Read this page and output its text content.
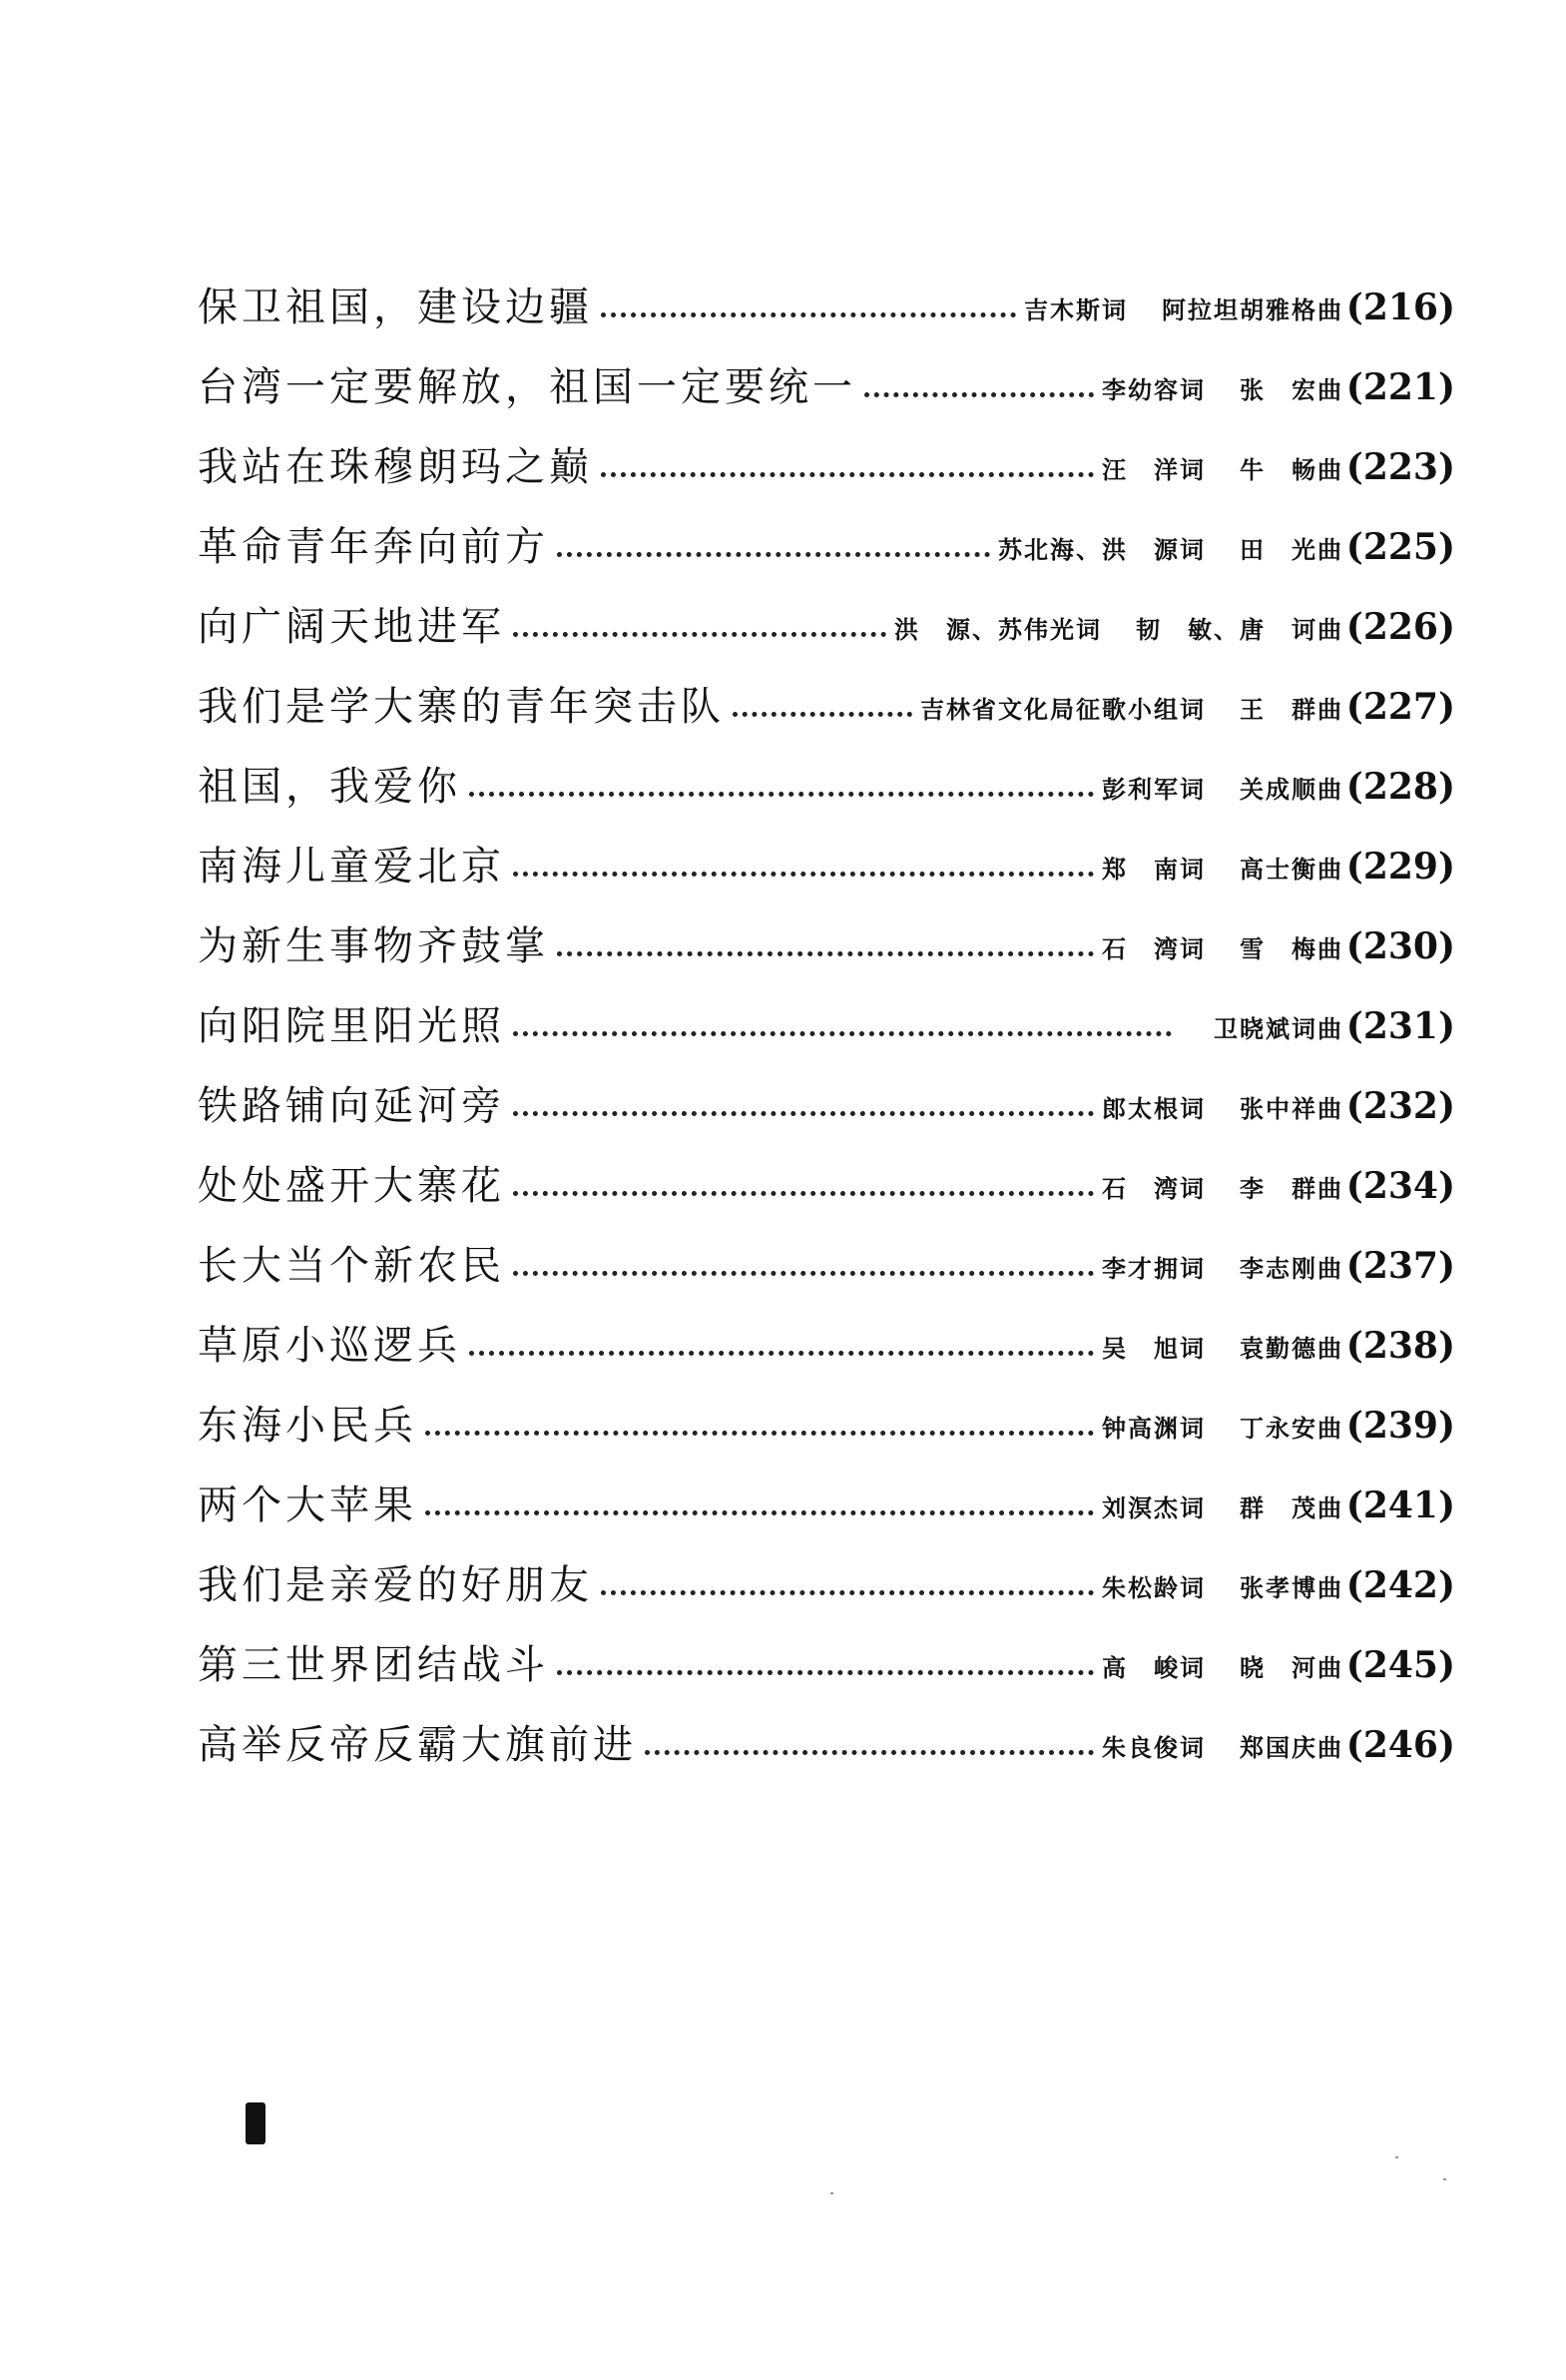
保卫祖国，建设边疆	吉木斯词 阿拉坦胡雅格曲 (216)
台湾一定要解放，祖国一定要统一	李幼容词 张　宏曲 (221)
我站在珠穆朗玛之巅	汪　洋词 牛　畅曲 (223)
革命青年奔向前方	苏北海、洪　源词 田　光曲 (225)
向广阔天地进军	洪　源、苏伟光词 韧　敏、唐　诃曲 (226)
我们是学大寨的青年突击队	吉林省文化局征歌小组词 王　群曲 (227)
祖国，我爱你	彭利军词 关成顺曲 (228)
南海儿童爱北京	郑　南词 高士衡曲 (229)
为新生事物齐鼓掌	石　湾词 雪　梅曲 (230)
向阳院里阳光照	卫晓斌词曲 (231)
铁路铺向延河旁	郎太根词 张中祥曲 (232)
处处盛开大寨花	石　湾词 李　群曲 (234)
长大当个新农民	李才拥词 李志刚曲 (237)
草原小巡逻兵	吴　旭词 袁勤德曲 (238)
东海小民兵	钟高渊词 丁永安曲 (239)
两个大苹果	刘溟杰词 群　茂曲 (241)
我们是亲爱的好朋友	朱松龄词 张孝博曲 (242)
第三世界团结战斗	高　峻词 晓　河曲 (245)
高举反帝反霸大旗前进	朱良俊词 郑国庆曲 (246)
